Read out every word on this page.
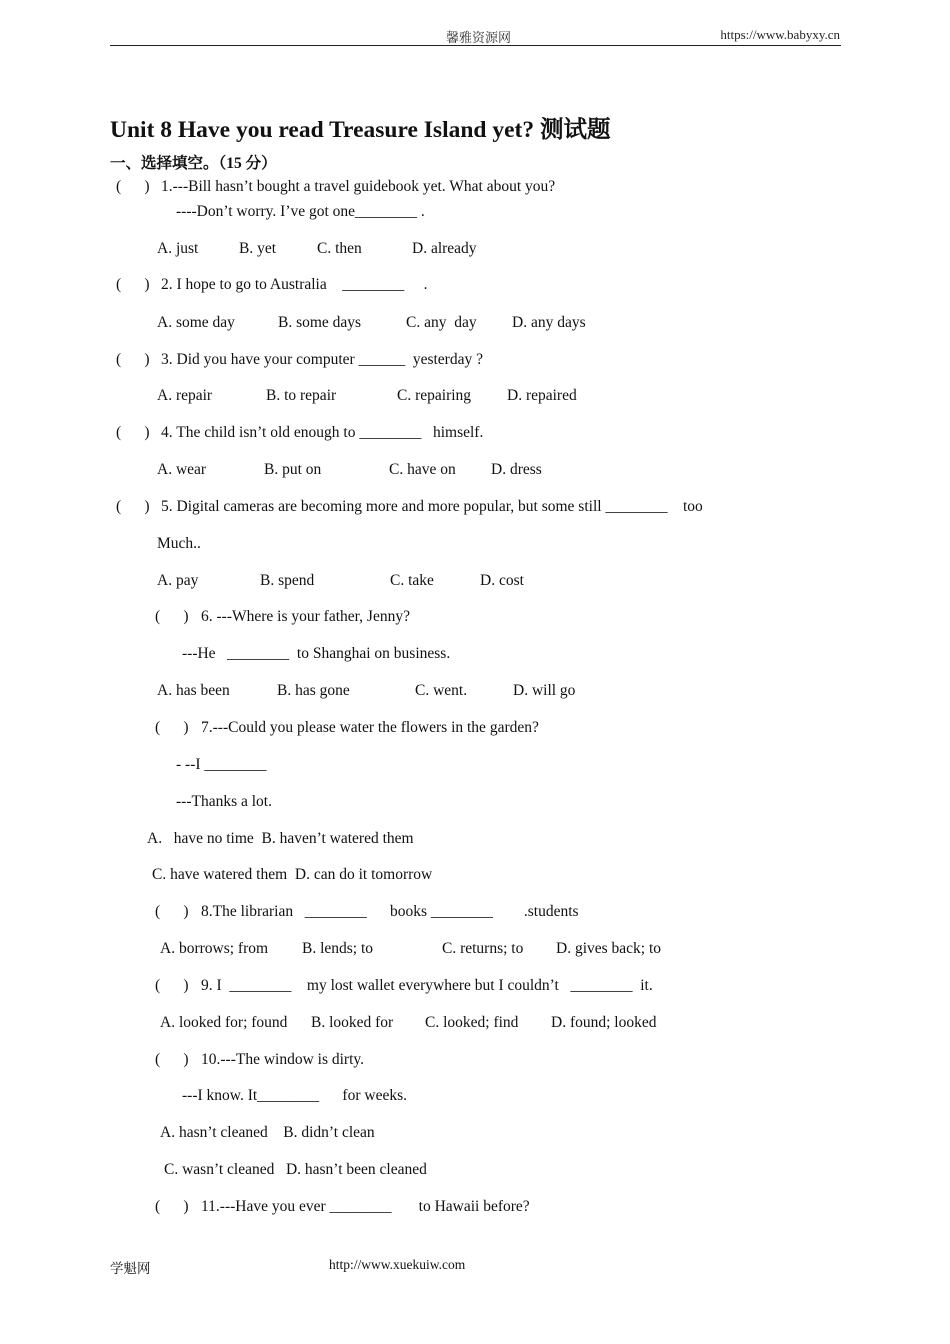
馨雅资源网	https://www.babyxy.cn
Unit 8 Have you read Treasure Island yet? 测试题
一、选择填空。（15 分）
(      ) 1.---Bill hasn’t bought a travel guidebook yet. What about you?
----Don’t worry. I’ve got one________ .
A. just	B. yet	C. then	D. already
(      ) 2. I hope to go to Australia    ________     .
A. some day	B. some days	C. any  day D. any days
(      ) 3. Did you have your computer ______  yesterday ?
A. repair	B. to repair	C. repairing D. repaired
(      ) 4. The child isn’t old enough to ________   himself.
A. wear	B. put on	C. have on D. dress
(      ) 5. Digital cameras are becoming more and more popular, but some still ________    too
Much..
A. pay	B. spend	C. take	D. cost
(      ) 6. ---Where is your father, Jenny?
---He   ________  to Shanghai on business.
A. has been	B. has gone	C. went.	D. will go
(      ) 7.---Could you please water the flowers in the garden?
- --I ________
---Thanks a lot.
A.   have no time  B. haven’t watered them
C. have watered them  D. can do it tomorrow
(      ) 8.The librarian   ________      books ________        .students
A. borrows; from B. lends; to	C. returns; to D. gives back; to
(      ) 9. I  ________    my lost wallet everywhere but I couldn’t   ________  it.
A. looked for; found B. looked for C. looked; find D. found; looked
(      ) 10.---The window is dirty.
---I know. It________      for weeks.
A. hasn’t cleaned    B. didn’t clean
C. wasn’t cleaned   D. hasn’t been cleaned
(      ) 11.---Have you ever ________       to Hawaii before?
学魁网	http://www.xuekuiw.com
